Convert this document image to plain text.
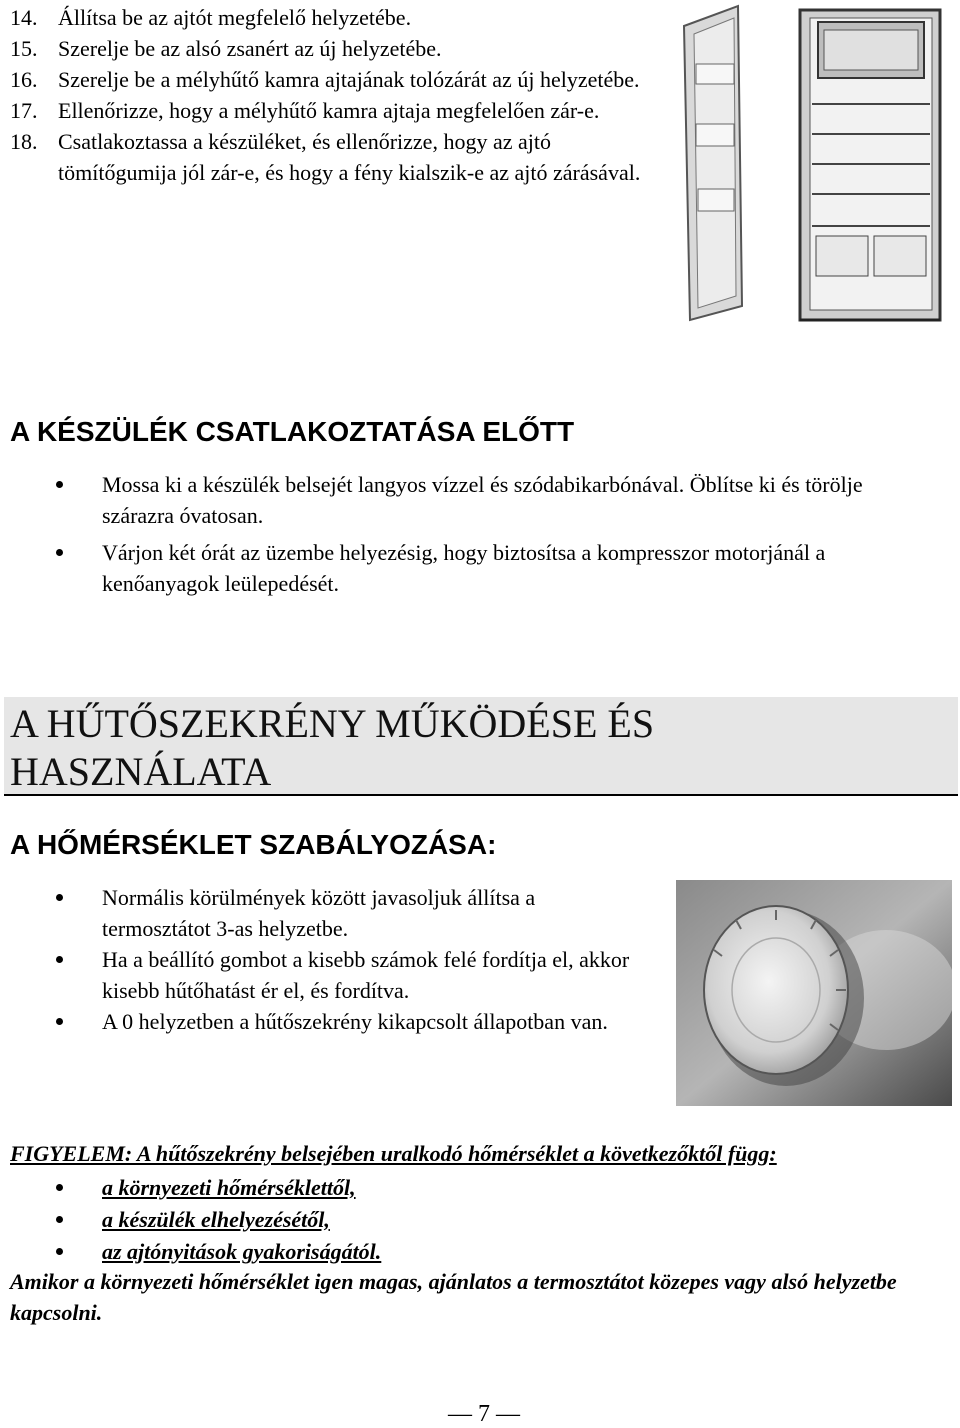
14. Állítsa be az ajtót megfelelő helyzetébe.
15. Szerelje be az alsó zsanért az új helyzetébe.
16. Szerelje be a mélyhűtő kamra ajtajának tolózárát az új helyzetébe.
17. Ellenőrizze, hogy a mélyhűtő kamra ajtaja megfelelően zár-e.
18. Csatlakoztassa a készüléket, és ellenőrizze, hogy az ajtó tömítőgumija jól zár-e, és hogy a fény kialszik-e az ajtó zárásával.
A KÉSZÜLÉK CSATLAKOZTATÁSA ELŐTT
Mossa ki a készülék belsejét langyos vízzel és szódabikarbónával. Öblítse ki és törölje szárazra óvatosan.
Várjon két órát az üzembe helyezésig, hogy biztosítsa a kompresszor motorjánál a kenőanyagok leülepedését.
A HŰTŐSZEKRÉNY MŰKÖDÉSE ÉS HASZNÁLATA
A HŐMÉRSÉKLET SZABÁLYOZÁSA:
Normális körülmények között javasoljuk állítsa a termosztátot 3-as helyzetbe.
Ha a beállító gombot a kisebb számok felé fordítja el, akkor kisebb hűtőhatást ér el, és fordítva.
A 0 helyzetben a hűtőszekrény kikapcsolt állapotban van.
FIGYELEM: A hűtőszekrény belsejében uralkodó hőmérséklet a következőktől függ:
a környezeti hőmérséklettől,
a készülék elhelyezésétől,
az ajtónyitások gyakoriságától.
Amikor a környezeti hőmérséklet igen magas, ajánlatos a termosztátot közepes vagy alsó helyzetbe kapcsolni.
— 7 —
